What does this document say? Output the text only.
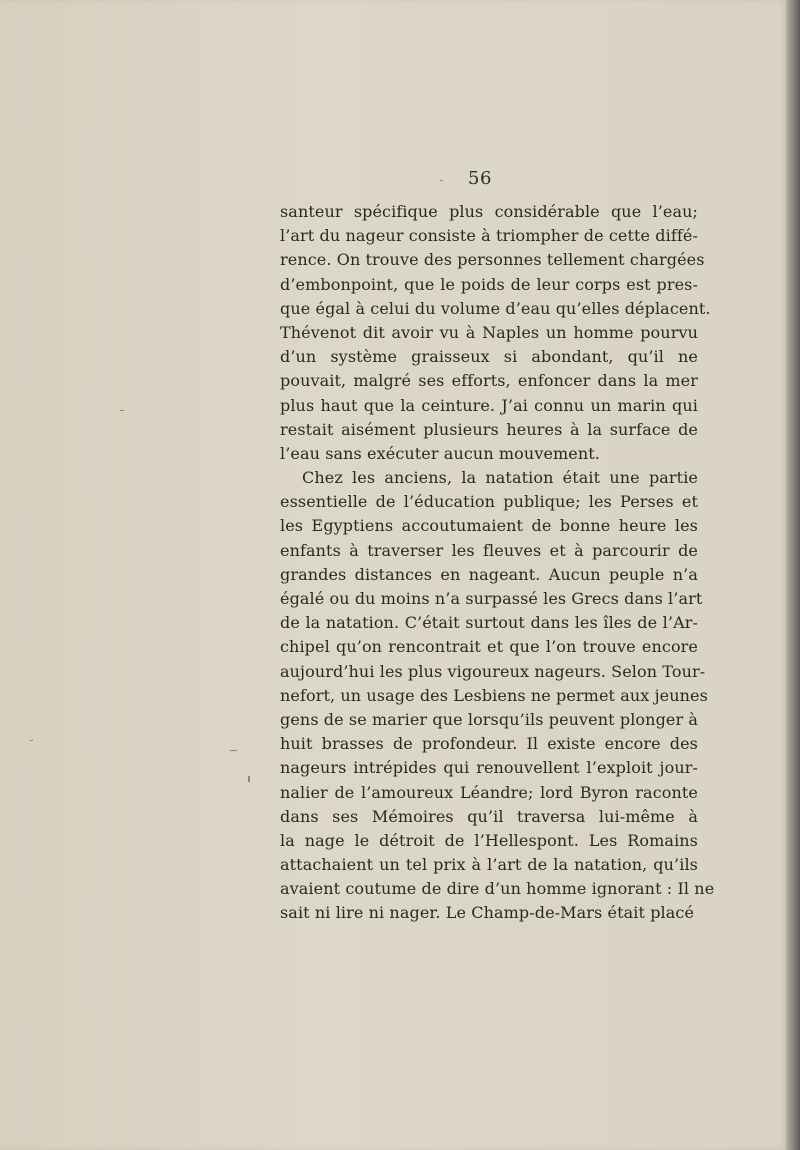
56
santeur spécifique plus considérable que l’eau;
l’art du nageur consiste à triompher de cette diffé-
rence. On trouve des personnes tellement chargées
d’embonpoint, que le poids de leur corps est pres-
que égal à celui du volume d’eau qu’elles déplacent.
Thévenot dit avoir vu à Naples un homme pourvu
d’un système graisseux si abondant, qu’il ne
pouvait, malgré ses efforts, enfoncer dans la mer
plus haut que la ceinture. J’ai connu un marin qui
restait aisément plusieurs heures à la surface de
l’eau sans exécuter aucun mouvement.
Chez les anciens, la natation était une partie
essentielle de l’éducation publique; les Perses et
les Egyptiens accoutumaient de bonne heure les
enfants à traverser les fleuves et à parcourir de
grandes distances en nageant. Aucun peuple n’a
égalé ou du moins n’a surpassé les Grecs dans l’art
de la natation. C’était surtout dans les îles de l’Ar-
chipel qu’on rencontrait et que l’on trouve encore
aujourd’hui les plus vigoureux nageurs. Selon Tour-
nefort, un usage des Lesbiens ne permet aux jeunes
gens de se marier que lorsqu’ils peuvent plonger à
huit brasses de profondeur. Il existe encore des
nageurs intrépides qui renouvellent l’exploit jour-
nalier de l’amoureux Léandre; lord Byron raconte
dans ses Mémoires qu’il traversa lui-même à
la nage le détroit de l’Hellespont. Les Romains
attachaient un tel prix à l’art de la natation, qu’ils
avaient coutume de dire d’un homme ignorant : Il ne
sait ni lire ni nager. Le Champ-de-Mars était placé
